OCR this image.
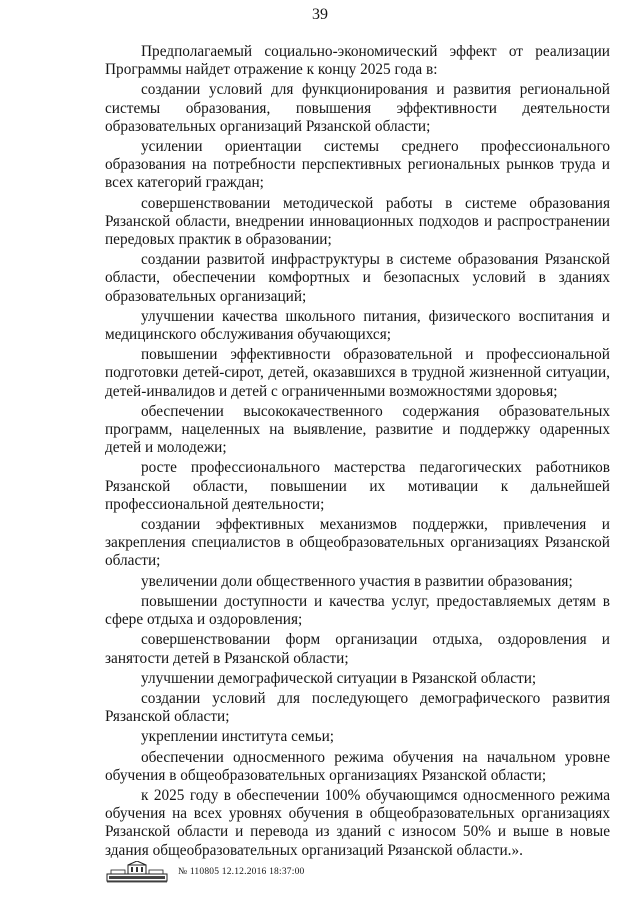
39

Предполагаемый социально-экономический эффект от реализации Программы найдет отражение к концу 2025 года в:

создании условий для функционирования и развития региональной системы образования, повышения эффективности деятельности образовательных организаций Рязанской области;

усилении ориентации системы среднего профессионального образования на потребности перспективных региональных рынков труда и всех категорий граждан;

совершенствовании методической работы в системе образования Рязанской области, внедрении инновационных подходов и распространении передовых практик в образовании;

создании развитой инфраструктуры в системе образования Рязанской области, обеспечении комфортных и безопасных условий в зданиях образовательных организаций;

улучшении качества школьного питания, физического воспитания и медицинского обслуживания обучающихся;

повышении эффективности образовательной и профессиональной подготовки детей-сирот, детей, оказавшихся в трудной жизненной ситуации, детей-инвалидов и детей с ограниченными возможностями здоровья;

обеспечении высококачественного содержания образовательных программ, нацеленных на выявление, развитие и поддержку одаренных детей и молодежи;

росте профессионального мастерства педагогических работников Рязанской области, повышении их мотивации к дальнейшей профессиональной деятельности;

создании эффективных механизмов поддержки, привлечения и закрепления специалистов в общеобразовательных организациях Рязанской области;

увеличении доли общественного участия в развитии образования;

повышении доступности и качества услуг, предоставляемых детям в сфере отдыха и оздоровления;

совершенствовании форм организации отдыха, оздоровления и занятости детей в Рязанской области;

улучшении демографической ситуации в Рязанской области;

создании условий для последующего демографического развития Рязанской области;

укреплении института семьи;

обеспечении односменного режима обучения на начальном уровне обучения в общеобразовательных организациях Рязанской области;

к 2025 году в обеспечении 100% обучающимся односменного режима обучения на всех уровнях обучения в общеобразовательных организациях Рязанской области и перевода из зданий с износом 50% и выше в новые здания общеобразовательных организаций Рязанской области.».

№ 110805 12.12.2016 18:37:00
